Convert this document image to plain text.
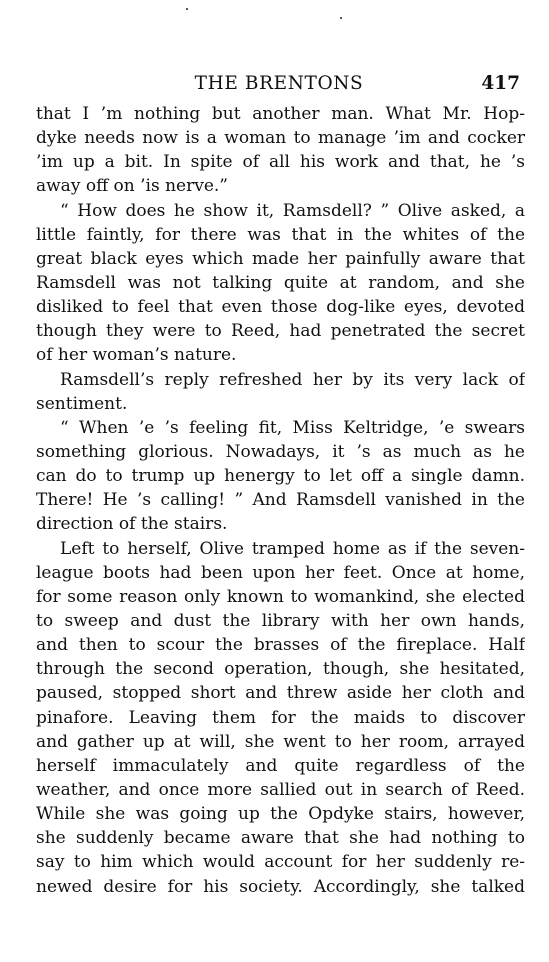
THE BRENTONS	417
that I ’m nothing but another man. What Mr. Hop-
dyke needs now is a woman to manage ’im and cocker
’im up a bit. In spite of all his work and that, he ’s
away off on ’is nerve.”
“ How does he show it, Ramsdell? ” Olive asked, a
little faintly, for there was that in the whites of the
great black eyes which made her painfully aware that
Ramsdell was not talking quite at random, and she
disliked to feel that even those dog-like eyes, devoted
though they were to Reed, had penetrated the secret
of her woman’s nature.
Ramsdell’s reply refreshed her by its very lack of
sentiment.
“ When ’e ’s feeling fit, Miss Keltridge, ’e swears
something glorious. Nowadays, it ’s as much as he
can do to trump up henergy to let off a single damn.
There! He ’s calling! ” And Ramsdell vanished in the
direction of the stairs.
Left to herself, Olive tramped home as if the seven-
league boots had been upon her feet. Once at home,
for some reason only known to womankind, she elected
to sweep and dust the library with her own hands,
and then to scour the brasses of the fireplace. Half
through the second operation, though, she hesitated,
paused, stopped short and threw aside her cloth and
pinafore. Leaving them for the maids to discover
and gather up at will, she went to her room, arrayed
herself immaculately and quite regardless of the
weather, and once more sallied out in search of Reed.
While she was going up the Opdyke stairs, however,
she suddenly became aware that she had nothing to
say to him which would account for her suddenly re-
newed desire for his society. Accordingly, she talked
